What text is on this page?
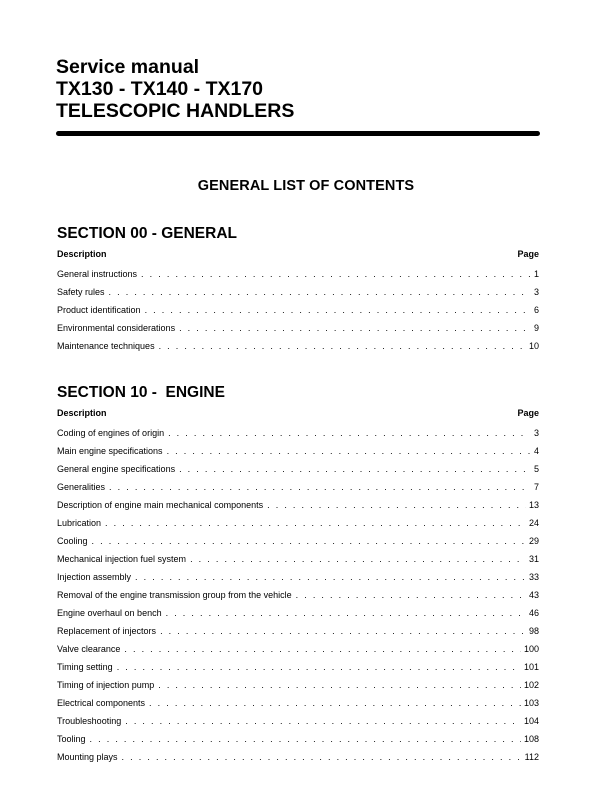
Service manual
TX130 - TX140 - TX170
TELESCOPIC HANDLERS
GENERAL LIST OF CONTENTS
SECTION 00 - GENERAL
Description	Page
General instructions . . .	1
Safety rules . . .	3
Product identification . . .	6
Environmental considerations . . .	9
Maintenance techniques . . .	10
SECTION 10 -  ENGINE
Description	Page
Coding of engines of origin . . .	3
Main engine specifications . . .	4
General engine specifications . . .	5
Generalities . . .	7
Description of engine main mechanical components . . .	13
Lubrication . . .	24
Cooling . . .	29
Mechanical injection fuel system . . .	31
Injection assembly . . .	33
Removal of the engine transmission group from the vehicle . . .	43
Engine overhaul on bench . . .	46
Replacement of injectors . . .	98
Valve clearance . . .	100
Timing setting . . .	101
Timing of injection pump . . .	102
Electrical components . . .	103
Troubleshooting . . .	104
Tooling . . .	108
Mounting plays . . .	112
